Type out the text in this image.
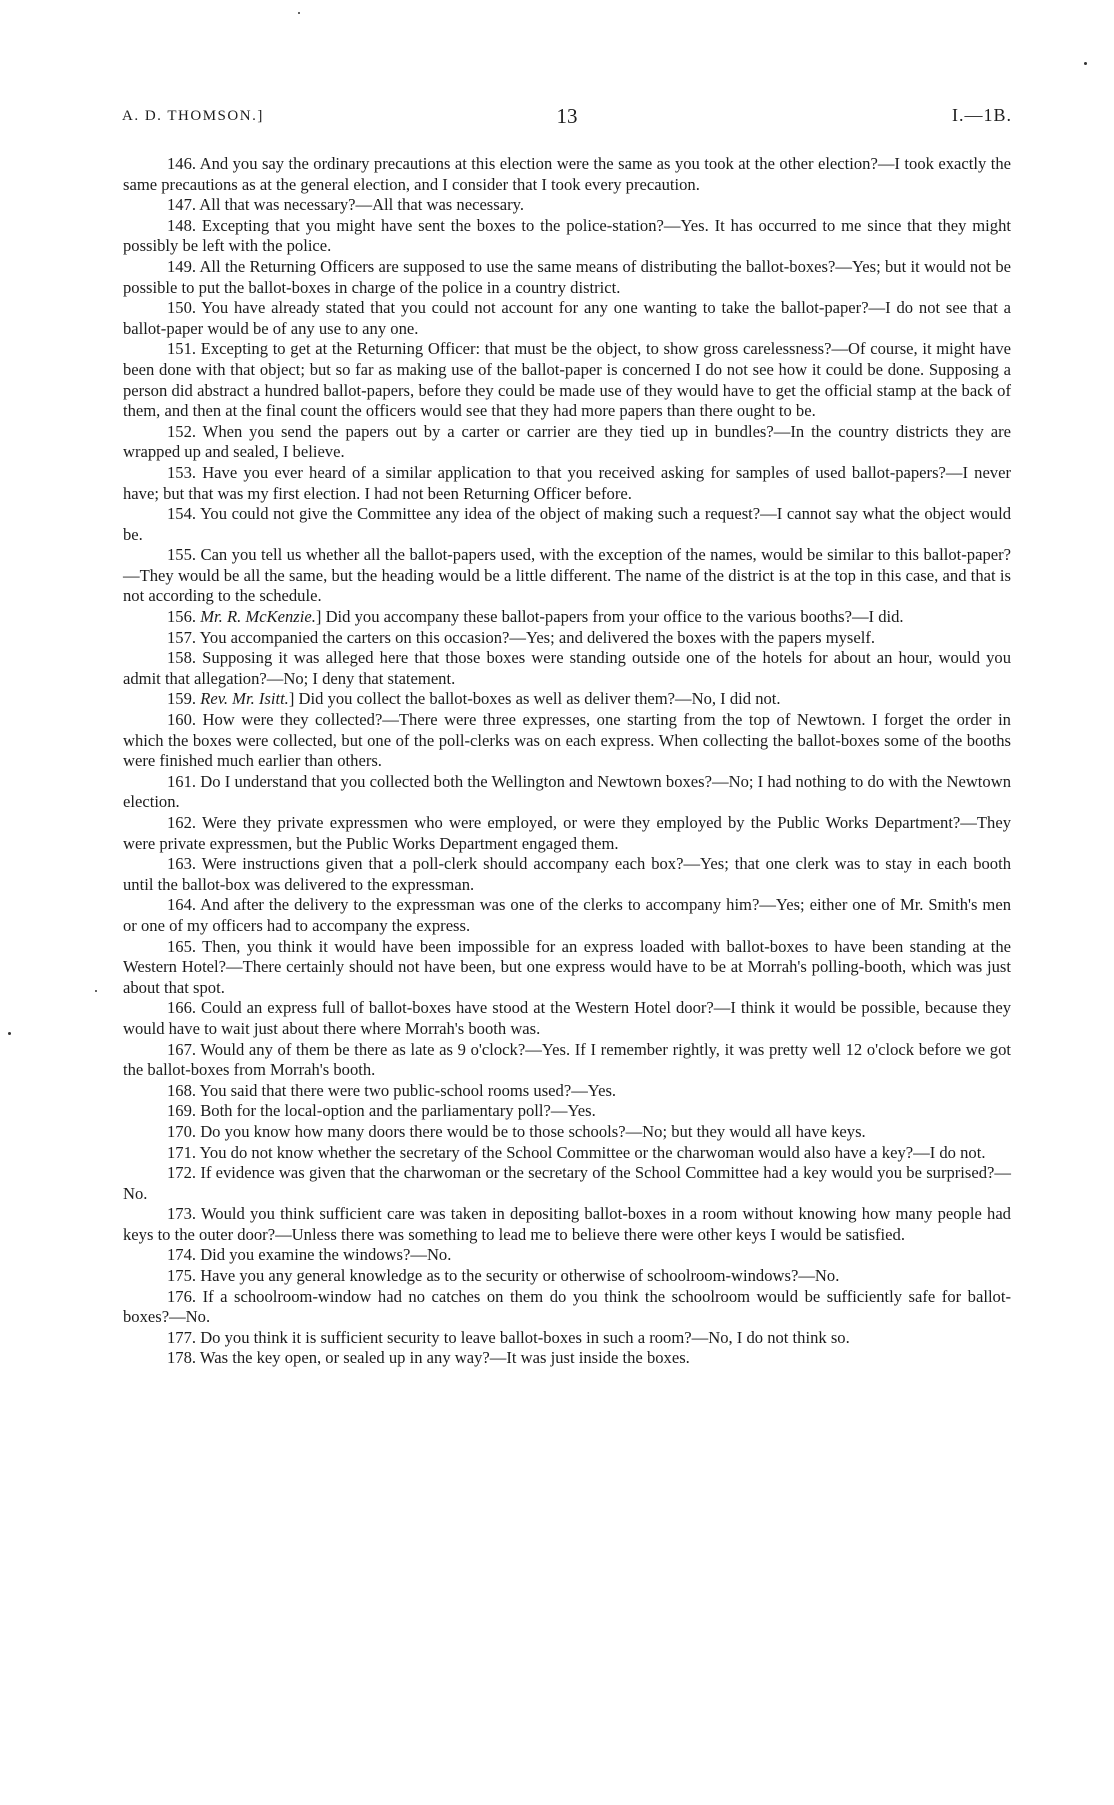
A. D. THOMSON.]	13	I.—1B.

146. And you say the ordinary precautions at this election were the same as you took at the other election?—I took exactly the same precautions as at the general election, and I consider that I took every precaution.

147. All that was necessary?—All that was necessary.

148. Excepting that you might have sent the boxes to the police-station?—Yes. It has occurred to me since that they might possibly be left with the police.

149. All the Returning Officers are supposed to use the same means of distributing the ballot-boxes?—Yes; but it would not be possible to put the ballot-boxes in charge of the police in a country district.

150. You have already stated that you could not account for any one wanting to take the ballot-paper?—I do not see that a ballot-paper would be of any use to any one.

151. Excepting to get at the Returning Officer: that must be the object, to show gross carelessness?—Of course, it might have been done with that object; but so far as making use of the ballot-paper is concerned I do not see how it could be done. Supposing a person did abstract a hundred ballot-papers, before they could be made use of they would have to get the official stamp at the back of them, and then at the final count the officers would see that they had more papers than there ought to be.

152. When you send the papers out by a carter or carrier are they tied up in bundles?—In the country districts they are wrapped up and sealed, I believe.

153. Have you ever heard of a similar application to that you received asking for samples of used ballot-papers?—I never have; but that was my first election. I had not been Returning Officer before.

154. You could not give the Committee any idea of the object of making such a request?—I cannot say what the object would be.

155. Can you tell us whether all the ballot-papers used, with the exception of the names, would be similar to this ballot-paper?—They would be all the same, but the heading would be a little different. The name of the district is at the top in this case, and that is not according to the schedule.

156. Mr. R. McKenzie.] Did you accompany these ballot-papers from your office to the various booths?—I did.

157. You accompanied the carters on this occasion?—Yes; and delivered the boxes with the papers myself.

158. Supposing it was alleged here that those boxes were standing outside one of the hotels for about an hour, would you admit that allegation?—No; I deny that statement.

159. Rev. Mr. Isitt.] Did you collect the ballot-boxes as well as deliver them?—No, I did not.

160. How were they collected?—There were three expresses, one starting from the top of Newtown. I forget the order in which the boxes were collected, but one of the poll-clerks was on each express. When collecting the ballot-boxes some of the booths were finished much earlier than others.

161. Do I understand that you collected both the Wellington and Newtown boxes?—No; I had nothing to do with the Newtown election.

162. Were they private expressmen who were employed, or were they employed by the Public Works Department?—They were private expressmen, but the Public Works Department engaged them.

163. Were instructions given that a poll-clerk should accompany each box?—Yes; that one clerk was to stay in each booth until the ballot-box was delivered to the expressman.

164. And after the delivery to the expressman was one of the clerks to accompany him?—Yes; either one of Mr. Smith's men or one of my officers had to accompany the express.

165. Then, you think it would have been impossible for an express loaded with ballot-boxes to have been standing at the Western Hotel?—There certainly should not have been, but one express would have to be at Morrah's polling-booth, which was just about that spot.

166. Could an express full of ballot-boxes have stood at the Western Hotel door?—I think it would be possible, because they would have to wait just about there where Morrah's booth was.

167. Would any of them be there as late as 9 o'clock?—Yes. If I remember rightly, it was pretty well 12 o'clock before we got the ballot-boxes from Morrah's booth.

168. You said that there were two public-school rooms used?—Yes.

169. Both for the local-option and the parliamentary poll?—Yes.

170. Do you know how many doors there would be to those schools?—No; but they would all have keys.

171. You do not know whether the secretary of the School Committee or the charwoman would also have a key?—I do not.

172. If evidence was given that the charwoman or the secretary of the School Committee had a key would you be surprised?—No.

173. Would you think sufficient care was taken in depositing ballot-boxes in a room without knowing how many people had keys to the outer door?—Unless there was something to lead me to believe there were other keys I would be satisfied.

174. Did you examine the windows?—No.

175. Have you any general knowledge as to the security or otherwise of schoolroom-windows?—No.

176. If a schoolroom-window had no catches on them do you think the schoolroom would be sufficiently safe for ballot-boxes?—No.

177. Do you think it is sufficient security to leave ballot-boxes in such a room?—No, I do not think so.

178. Was the key open, or sealed up in any way?—It was just inside the boxes.
